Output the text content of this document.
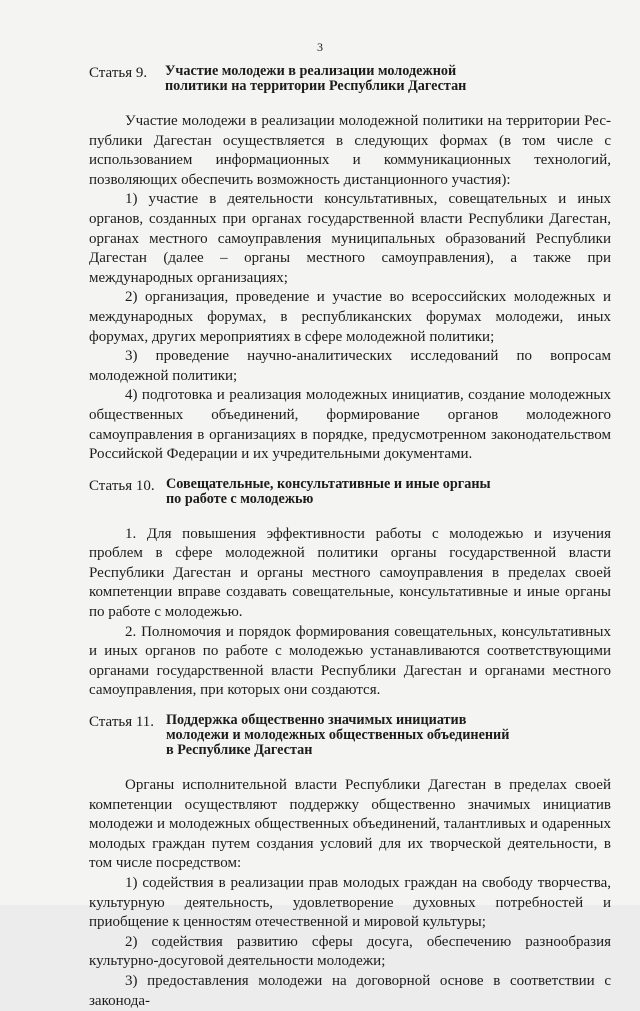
3
Статья 9.	Участие молодежи в реализации молодежной
политики на территории Республики Дагестан

Участие молодежи в реализации молодежной политики на территории Республики Дагестан осуществляется в следующих формах (в том числе с использованием информационных и коммуникационных технологий, позволяющих обеспечить возможность дистанционного участия):

1) участие в деятельности консультативных, совещательных и иных органов, созданных при органах государственной власти Республики Дагестан, органах местного самоуправления муниципальных образований Республики Дагестан (далее – органы местного самоуправления), а также при международных организациях;

2) организация, проведение и участие во всероссийских молодежных и международных форумах, в республиканских форумах молодежи, иных форумах, других мероприятиях в сфере молодежной политики;

3) проведение научно-аналитических исследований по вопросам молодежной политики;

4) подготовка и реализация молодежных инициатив, создание молодежных общественных объединений, формирование органов молодежного самоуправления в организациях в порядке, предусмотренном законодательством Российской Федерации и их учредительными документами.

Статья 10. Совещательные, консультативные и иные органы
по работе с молодежью

1. Для повышения эффективности работы с молодежью и изучения проблем в сфере молодежной политики органы государственной власти Республики Дагестан и органы местного самоуправления в пределах своей компетенции вправе создавать совещательные, консультативные и иные органы по работе с молодежью.

2. Полномочия и порядок формирования совещательных, консультативных и иных органов по работе с молодежью устанавливаются соответствующими органами государственной власти Республики Дагестан и органами местного самоуправления, при которых они создаются.

Статья 11. Поддержка общественно значимых инициатив
молодежи и молодежных общественных объединений
в Республике Дагестан

Органы исполнительной власти Республики Дагестан в пределах своей компетенции осуществляют поддержку общественно значимых инициатив молодежи и молодежных общественных объединений, талантливых и одаренных молодых граждан путем создания условий для их творческой деятельности, в том числе посредством:

1) содействия в реализации прав молодых граждан на свободу творчества, культурную деятельность, удовлетворение духовных потребностей и приобщение к ценностям отечественной и мировой культуры;

2) содействия развитию сферы досуга, обеспечению разнообразия культурно-досуговой деятельности молодежи;

3) предоставления молодежи на договорной основе в соответствии с законода-
